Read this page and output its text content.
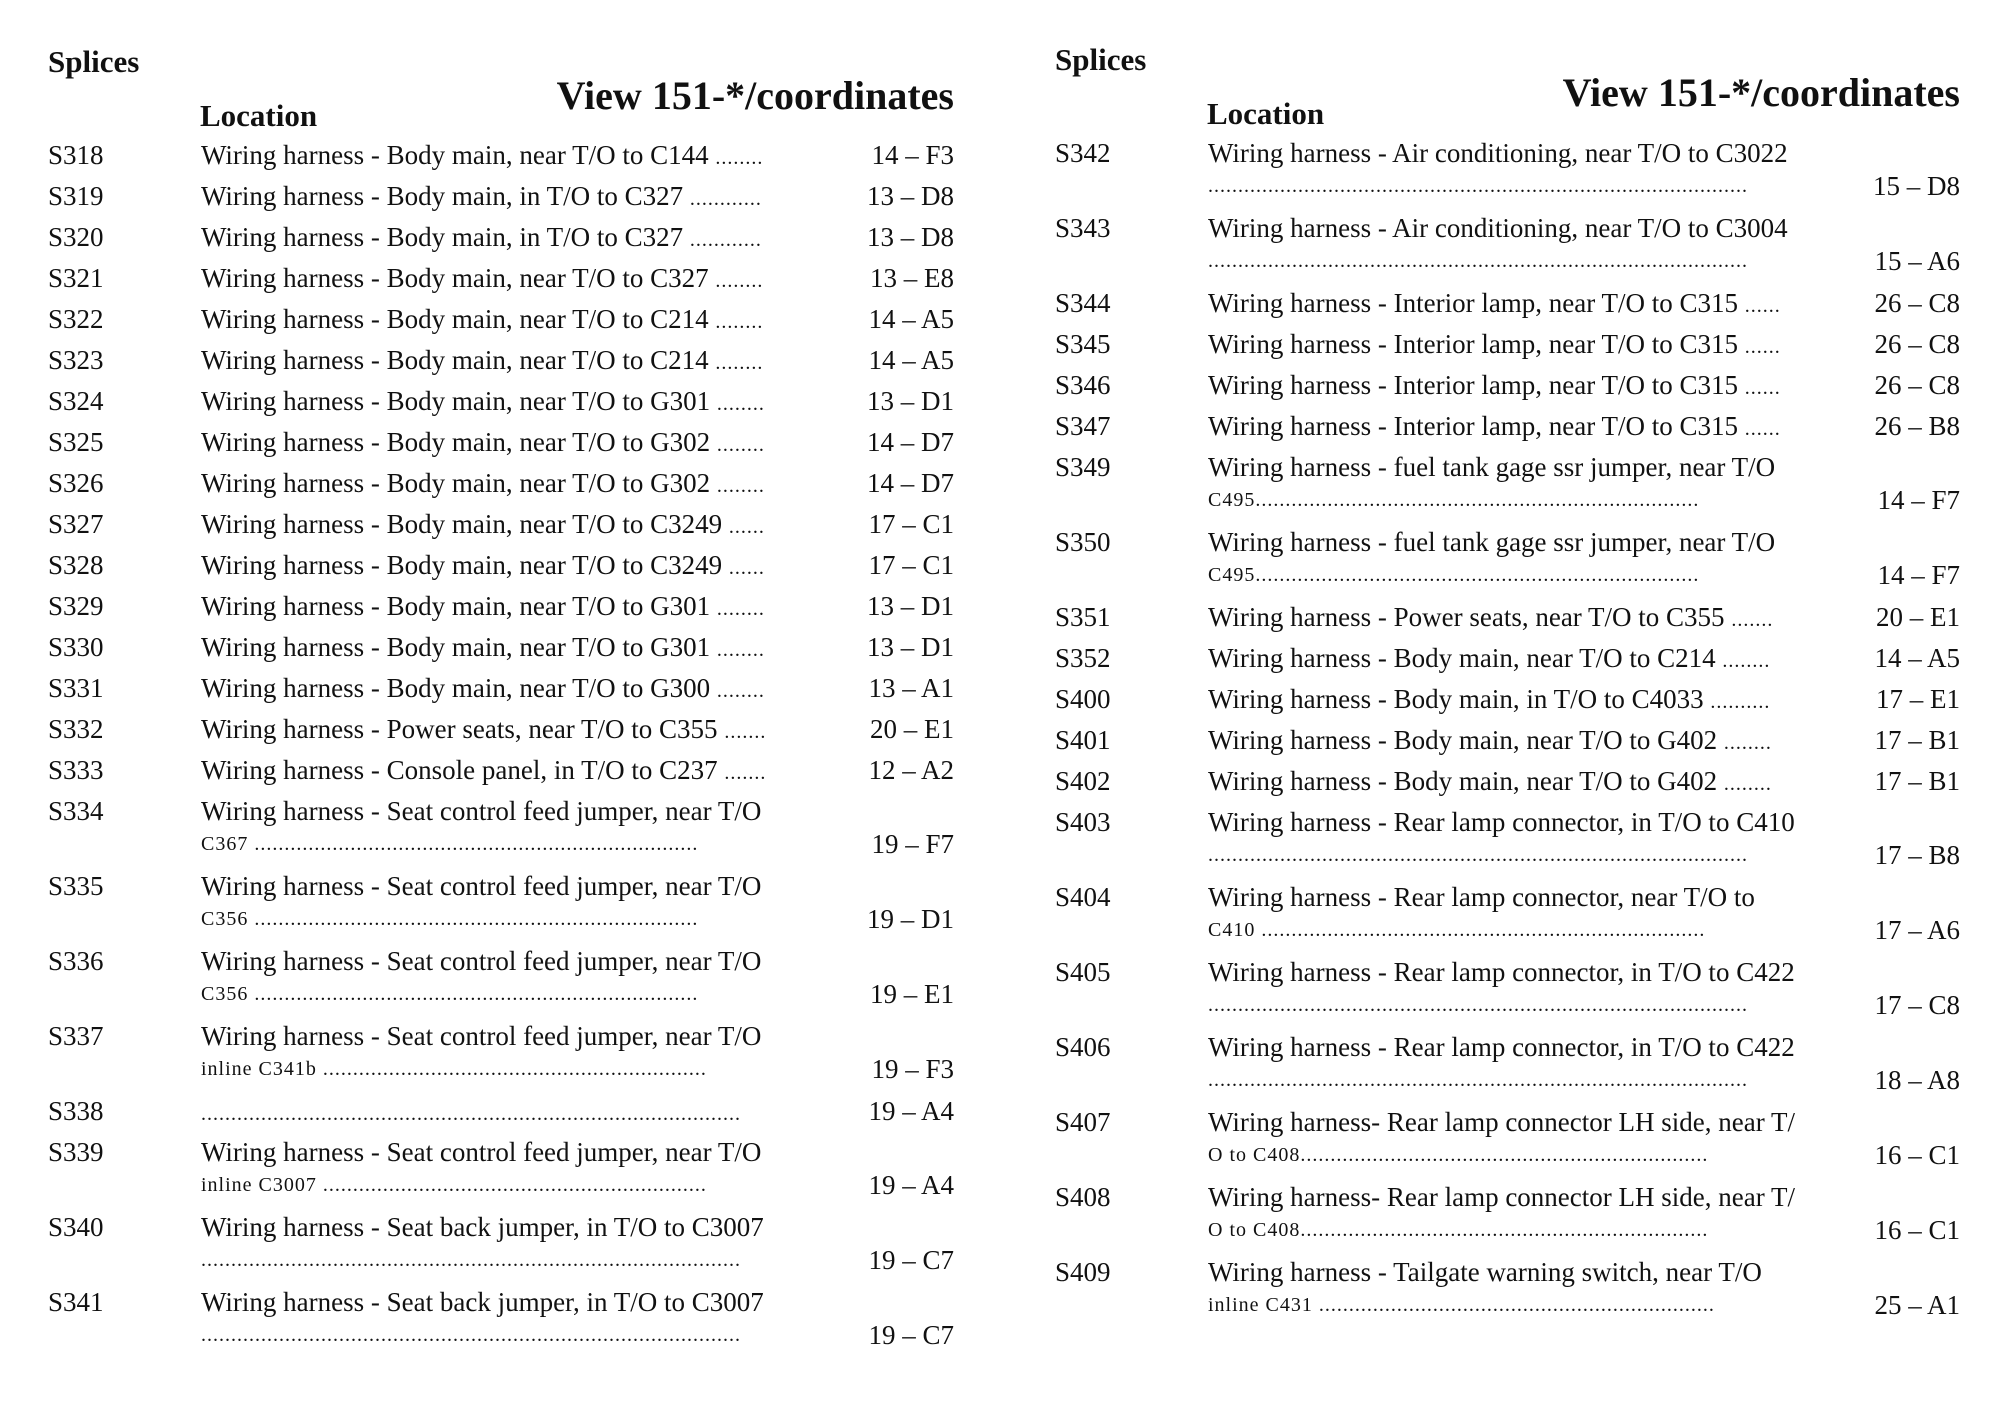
Splices
Location	View 151-*/coordinates
S318	Wiring harness - Body main, near T/O to C144 ........	14 – F3
S319	Wiring harness - Body main, in T/O to C327 ............	13 – D8
S320	Wiring harness - Body main, in T/O to C327 ............	13 – D8
S321	Wiring harness - Body main, near T/O to C327 ........	13 – E8
S322	Wiring harness - Body main, near T/O to C214 ........	14 – A5
S323	Wiring harness - Body main, near T/O to C214 ........	14 – A5
S324	Wiring harness - Body main, near T/O to G301 ........	13 – D1
S325	Wiring harness - Body main, near T/O to G302 ........	14 – D7
S326	Wiring harness - Body main, near T/O to G302 ........	14 – D7
S327	Wiring harness - Body main, near T/O to C3249 ......	17 – C1
S328	Wiring harness - Body main, near T/O to C3249 ......	17 – C1
S329	Wiring harness - Body main, near T/O to G301 ........	13 – D1
S330	Wiring harness - Body main, near T/O to G301 ........	13 – D1
S331	Wiring harness - Body main, near T/O to G300 ........	13 – A1
S332	Wiring harness - Power seats, near T/O to C355 .......	20 – E1
S333	Wiring harness - Console panel, in T/O to C237 .......	12 – A2
S334	Wiring harness - Seat control feed jumper, near T/O
C367 ..........................................................................	19 – F7
S335	Wiring harness - Seat control feed jumper, near T/O
C356 ..........................................................................	19 – D1
S336	Wiring harness - Seat control feed jumper, near T/O
C356 ..........................................................................	19 – E1
S337	Wiring harness - Seat control feed jumper, near T/O
inline C341b ................................................................	19 – F3
S338	..........................................................................................	19 – A4
S339	Wiring harness - Seat control feed jumper, near T/O
inline C3007 ................................................................	19 – A4
S340	Wiring harness - Seat back jumper, in T/O to C3007
..........................................................................................	19 – C7
S341	Wiring harness - Seat back jumper, in T/O to C3007
..........................................................................................	19 – C7
Splices
Location	View 151-*/coordinates
S342	Wiring harness - Air conditioning, near T/O to C3022
..........................................................................................	15 – D8
S343	Wiring harness - Air conditioning, near T/O to C3004
..........................................................................................	15 – A6
S344	Wiring harness - Interior lamp, near T/O to C315 ......	26 – C8
S345	Wiring harness - Interior lamp, near T/O to C315 ......	26 – C8
S346	Wiring harness - Interior lamp, near T/O to C315 ......	26 – C8
S347	Wiring harness - Interior lamp, near T/O to C315 ......	26 – B8
S349	Wiring harness - fuel tank gage ssr jumper, near T/O
C495..........................................................................	14 – F7
S350	Wiring harness - fuel tank gage ssr jumper, near T/O
C495..........................................................................	14 – F7
S351	Wiring harness - Power seats, near T/O to C355 .......	20 – E1
S352	Wiring harness - Body main, near T/O to C214 ........	14 – A5
S400	Wiring harness - Body main, in T/O to C4033 ..........	17 – E1
S401	Wiring harness - Body main, near T/O to G402 ........	17 – B1
S402	Wiring harness - Body main, near T/O to G402 ........	17 – B1
S403	Wiring harness - Rear lamp connector, in T/O to C410
..........................................................................................	17 – B8
S404	Wiring harness - Rear lamp connector, near T/O to
C410 ..........................................................................	17 – A6
S405	Wiring harness - Rear lamp connector, in T/O to C422
..........................................................................................	17 – C8
S406	Wiring harness - Rear lamp connector, in T/O to C422
..........................................................................................	18 – A8
S407	Wiring harness- Rear lamp connector LH side, near T/
O to C408....................................................................	16 – C1
S408	Wiring harness- Rear lamp connector LH side, near T/
O to C408....................................................................	16 – C1
S409	Wiring harness - Tailgate warning switch, near T/O
inline C431 ..................................................................	25 – A1
